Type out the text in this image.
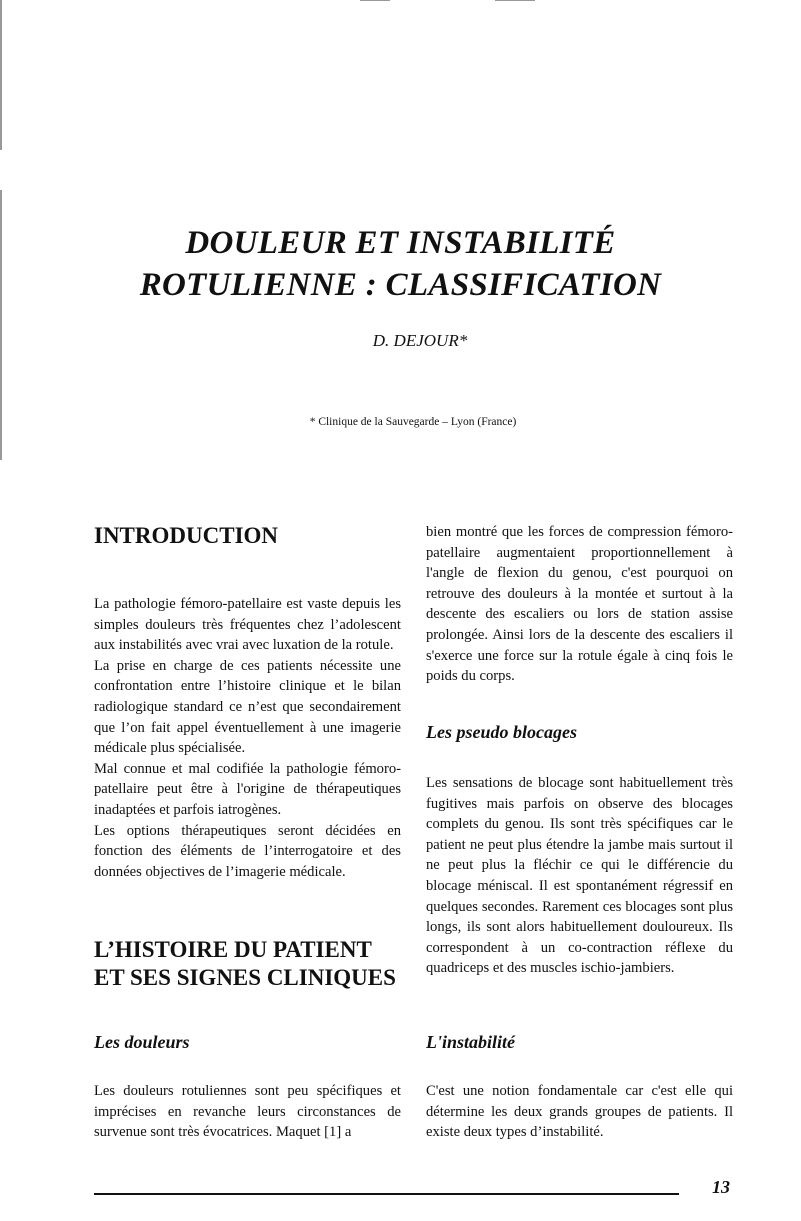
DOULEUR ET INSTABILITÉ
ROTULIENNE : CLASSIFICATION
D. DEJOUR*
* Clinique de la Sauvegarde – Lyon (France)
INTRODUCTION

La pathologie fémoro-patellaire est vaste depuis les simples douleurs très fréquentes chez l’adolescent aux instabilités avec vrai avec luxation de la rotule.

La prise en charge de ces patients nécessite une confrontation entre l’histoire clinique et le bilan radiologique standard ce n’est que secondairement que l’on fait appel éventuellement à une imagerie médicale plus spécialisée.

Mal connue et mal codifiée la pathologie fémoro-patellaire peut être à l'origine de thérapeutiques inadaptées et parfois iatrogènes.

Les options thérapeutiques seront décidées en fonction des éléments de l’interrogatoire et des données objectives de l’imagerie médicale.

L’HISTOIRE DU PATIENT
ET SES SIGNES CLINIQUES
Les douleurs

Les douleurs rotuliennes sont peu spécifiques et imprécises en revanche leurs circonstances de survenue sont très évocatrices. Maquet [1] a

bien montré que les forces de compression fémoro-patellaire augmentaient proportionnellement à l'angle de flexion du genou, c'est pourquoi on retrouve des douleurs à la montée et surtout à la descente des escaliers ou lors de station assise prolongée. Ainsi lors de la descente des escaliers il s'exerce une force sur la rotule égale à cinq fois le poids du corps.

Les pseudo blocages

Les sensations de blocage sont habituellement très fugitives mais parfois on observe des blocages complets du genou. Ils sont très spécifiques car le patient ne peut plus étendre la jambe mais surtout il ne peut plus la fléchir ce qui le différencie du blocage méniscal. Il est spontanément régressif en quelques secondes. Rarement ces blocages sont plus longs, ils sont alors habituellement douloureux. Ils correspondent à un co-contraction réflexe du quadriceps et des muscles ischio-jambiers.

L'instabilité

C'est une notion fondamentale car c'est elle qui détermine les deux grands groupes de patients. Il existe deux types d’instabilité.

13
